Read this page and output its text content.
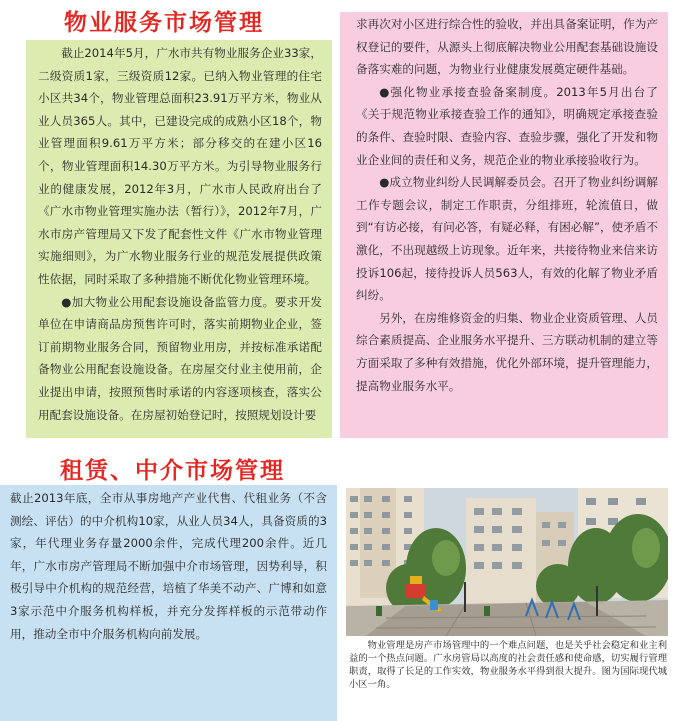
物业服务市场管理

截止2014年5月，广水市共有物业服务企业33家，二级资质1家，三级资质12家。已纳入物业管理的住宅小区共34个，物业管理总面积23.91万平方米，物业从业人员365人。其中，已建设完成的成熟小区18个，物业管理面积9.61万平方米；部分移交的在建小区16个，物业管理面积14.30万平方米。为引导物业服务行业的健康发展，2012年3月，广水市人民政府出台了《广水市物业管理实施办法（暂行）》，2012年7月，广水市房产管理局又下发了配套性文件《广水市物业管理实施细则》，为广水物业服务行业的规范发展提供政策性依据，同时采取了多种措施不断优化物业管理环境。

●加大物业公用配套设施设备监管力度。要求开发单位在申请商品房预售许可时，落实前期物业企业，签订前期物业服务合同，预留物业用房，并按标准承诺配备物业公用配套设施设备。在房屋交付业主使用前，企业提出申请，按照预售时承诺的内容逐项核查，落实公用配套设施设备。在房屋初始登记时，按照规划设计要

求再次对小区进行综合性的验收，并出具备案证明，作为产权登记的要件，从源头上彻底解决物业公用配套基础设施设备落实难的问题，为物业行业健康发展奠定硬件基础。

●强化物业承接查验备案制度。2013年5月出台了《关于规范物业承接查验工作的通知》，明确规定承接查验的条件、查验时限、查验内容、查验步骤，强化了开发和物业企业间的责任和义务，规范企业的物业承接验收行为。

●成立物业纠纷人民调解委员会。召开了物业纠纷调解工作专题会议，制定工作职责，分组排班，轮流值日，做到“有访必接，有问必答，有疑必释，有困必解”，使矛盾不激化，不出现越级上访现象。近年来，共接待物业来信来访投诉106起，接待投诉人员563人，有效的化解了物业矛盾纠纷。

另外，在房维修资金的归集、物业企业资质管理、人员综合素质提高、企业服务水平提升、三方联动机制的建立等方面采取了多种有效措施，优化外部环境，提升管理能力，提高物业服务水平。

租赁、中介市场管理

截止2013年底，全市从事房地产产业代售、代租业务（不含测绘、评估）的中介机构10家，从业人员34人，具备资质的3家，年代理业务存量2000余件，完成代理200余件。近几年，广水市房产管理局不断加强中介市场管理，因势利导，积极引导中介机构的规范经营，培植了华美不动产、广博和如意3家示范中介服务机构样板，并充分发挥样板的示范带动作用，推动全市中介服务机构向前发展。

物业管理是房产市场管理中的一个难点问题，也是关乎社会稳定和业主利益的一个热点问题。广水房管局以高度的社会责任感和使命感，切实履行管理职责，取得了长足的工作实效，物业服务水平得到很大提升。图为国际现代城小区一角。
